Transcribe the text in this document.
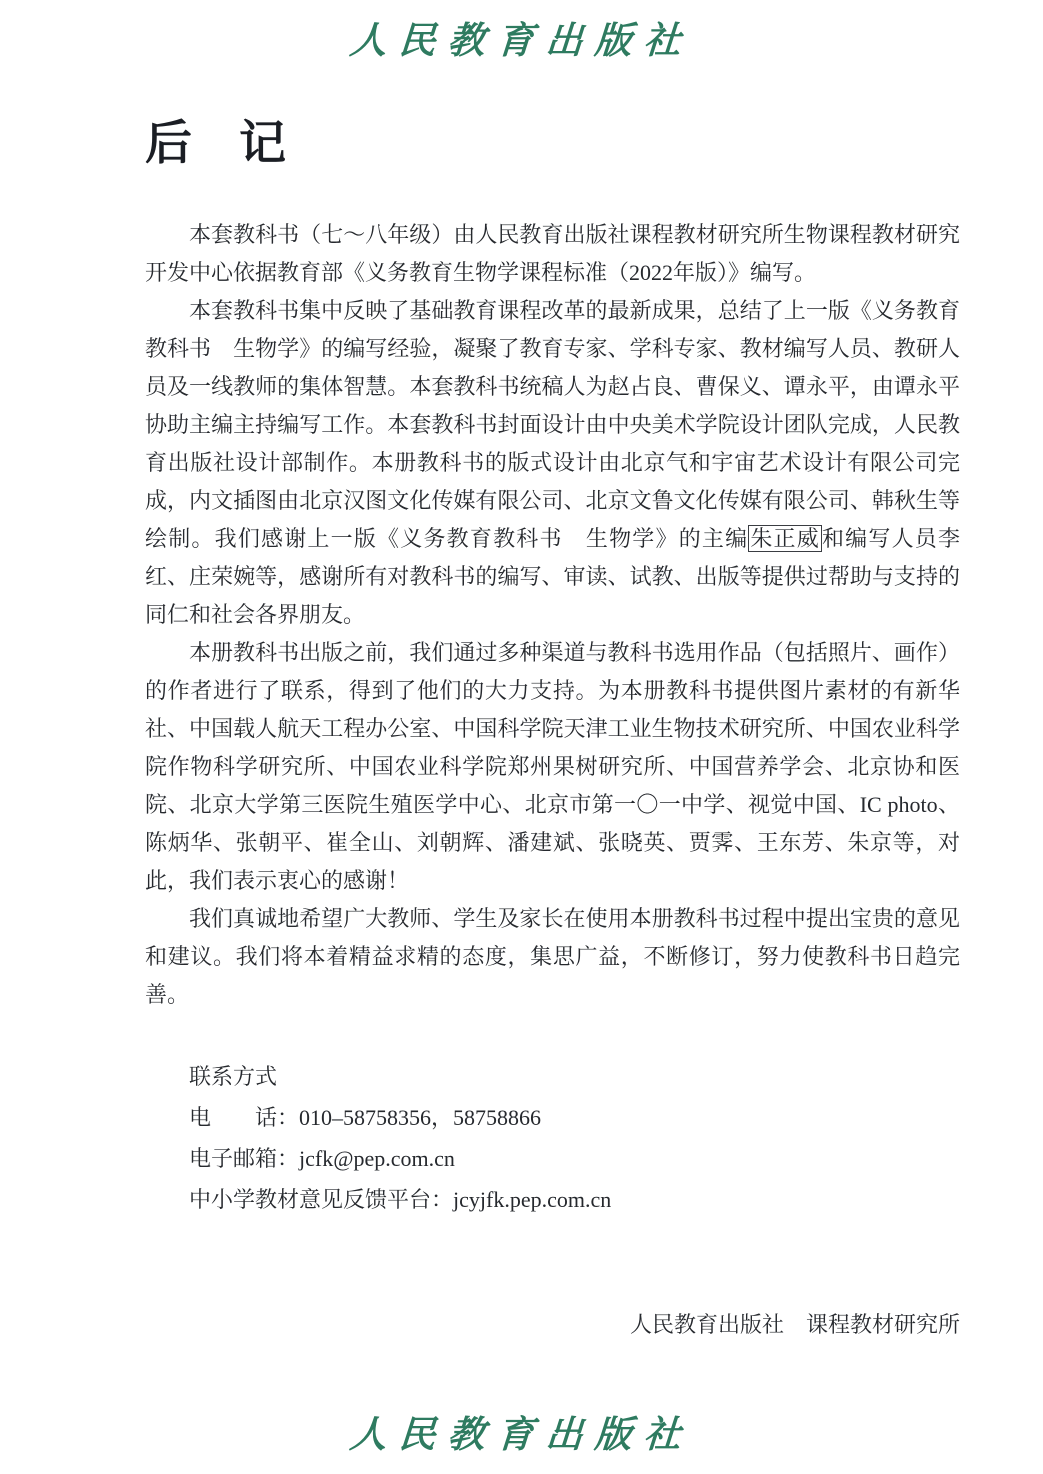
人民教育出版社
后　记

本套教科书（七～八年级）由人民教育出版社课程教材研究所生物课程教材研究开发中心依据教育部《义务教育生物学课程标准（2022年版）》编写。

本套教科书集中反映了基础教育课程改革的最新成果，总结了上一版《义务教育教科书　生物学》的编写经验，凝聚了教育专家、学科专家、教材编写人员、教研人员及一线教师的集体智慧。本套教科书统稿人为赵占良、曹保义、谭永平，由谭永平协助主编主持编写工作。本套教科书封面设计由中央美术学院设计团队完成，人民教育出版社设计部制作。本册教科书的版式设计由北京气和宇宙艺术设计有限公司完成，内文插图由北京汉图文化传媒有限公司、北京文鲁文化传媒有限公司、韩秋生等绘制。我们感谢上一版《义务教育教科书　生物学》的主编朱正威和编写人员李红、庄荣婉等，感谢所有对教科书的编写、审读、试教、出版等提供过帮助与支持的同仁和社会各界朋友。

本册教科书出版之前，我们通过多种渠道与教科书选用作品（包括照片、画作）的作者进行了联系，得到了他们的大力支持。为本册教科书提供图片素材的有新华社、中国载人航天工程办公室、中国科学院天津工业生物技术研究所、中国农业科学院作物科学研究所、中国农业科学院郑州果树研究所、中国营养学会、北京协和医院、北京大学第三医院生殖医学中心、北京市第一〇一中学、视觉中国、IC photo、陈炳华、张朝平、崔全山、刘朝辉、潘建斌、张晓英、贾霁、王东芳、朱京等，对此，我们表示衷心的感谢！

我们真诚地希望广大教师、学生及家长在使用本册教科书过程中提出宝贵的意见和建议。我们将本着精益求精的态度，集思广益，不断修订，努力使教科书日趋完善。

联系方式
电　　话：010–58758356，58758866
电子邮箱：jcfk@pep.com.cn
中小学教材意见反馈平台：jcyjfk.pep.com.cn
人民教育出版社　课程教材研究所
人民教育出版社
